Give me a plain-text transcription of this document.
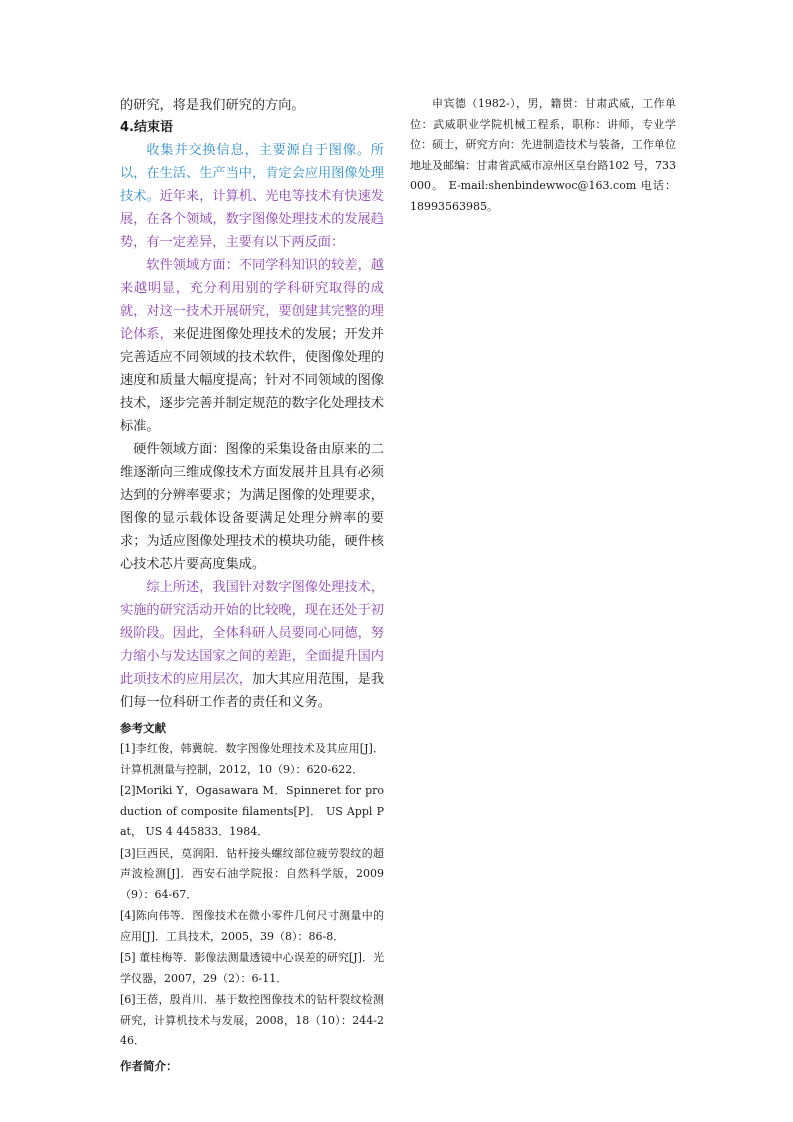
的研究，将是我们研究的方向。

4.结束语

收集并交换信息，主要源自于图像。所以，在生活、生产当中，肯定会应用图像处理技术。近年来，计算机、光电等技术有快速发展，在各个领域，数字图像处理技术的发展趋势，有一定差异，主要有以下两反面：

软件领域方面：不同学科知识的较差，越来越明显，充分利用别的学科研究取得的成就，对这一技术开展研究，要创建其完整的理论体系，来促进图像处理技术的发展；开发并完善适应不同领域的技术软件，使图像处理的速度和质量大幅度提高；针对不同领域的图像技术，逐步完善并制定规范的数字化处理技术标准。

硬件领域方面：图像的采集设备由原来的二维逐渐向三维成像技术方面发展并且具有必须达到的分辨率要求；为满足图像的处理要求，图像的显示载体设备要满足处理分辨率的要求；为适应图像处理技术的模块功能，硬件核心技术芯片要高度集成。

综上所述，我国针对数字图像处理技术，实施的研究活动开始的比较晚，现在还处于初级阶段。因此，全体科研人员要同心同德，努力缩小与发达国家之间的差距，全面提升国内此项技术的应用层次，加大其应用范围，是我们每一位科研工作者的责任和义务。

参考文献

[1]李红俊，韩冀皖．数字图像处理技术及其应用[J]．计算机测量与控制，2012，10（9）：620-622．

[2]Moriki Y，Ogasawara M．Spinneret for production of composite filaments[P]． US Appl Pat， US 4 445833．1984．

[3]巨西民，莫润阳．钻杆接头螺纹部位疲劳裂纹的超声波检测[J]．西安石油学院报：自然科学版，2009（9）：64-67．

[4]陈向伟等．图像技术在微小零件几何尺寸测量中的应用[J]．工具技术，2005，39（8）：86-8．

[5] 董桂梅等．影像法测量透镜中心误差的研究[J]．光学仪器，2007，29（2）：6-11．

[6]王蓓，殷肖川．基于数控图像技术的钻杆裂纹检测研究，计算机技术与发展，2008，18（10）：244-246．

作者简介：

申宾德（1982-），男，籍贯：甘肃武威，工作单位：武威职业学院机械工程系，职称：讲师，专业学位：硕士，研究方向：先进制造技术与装备，工作单位地址及邮编：甘肃省武威市凉州区皇台路102 号，733000。 E-mail:shenbindewwoc@163.com 电话：18993563985。
